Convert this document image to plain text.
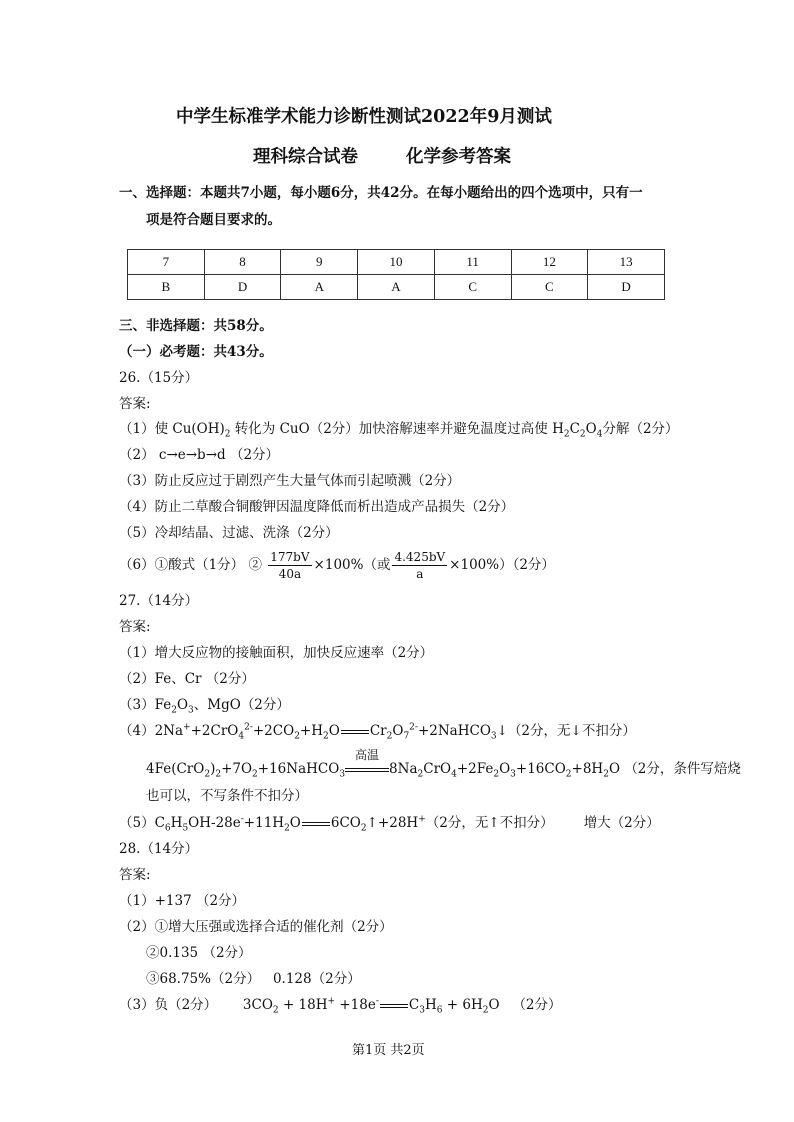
中学生标准学术能力诊断性测试2022年9月测试
理科综合试卷	化学参考答案
一、选择题：本题共7小题，每小题6分，共42分。在每小题给出的四个选项中，只有一
项是符合题目要求的。
7	8	9	10	11	12	13
B	D	A	A	C	C	D
三、非选择题：共58分。
（一）必考题：共43分。
26.（15分）
答案:
（1）使 $Cu(OH)_2$ 转化为 CuO（2分）加快溶解速率并避免温度过高使 $H_2C_2O_4$分解（2分）
（2） c→e→b→d （2分）
（3）防止反应过于剧烈产生大量气体而引起喷溅（2分）
（4）防止二草酸合铜酸钾因温度降低而析出造成产品损失（2分）
（5）冷却结晶、过滤、洗涤（2分）
（6）①酸式（1分） ② $\frac{177bV}{40a} \times 100\%$（或 $\frac{4.425bV}{a} \times 100\%)(2$分）
27.（14分）
答案:
（1）增大反应物的接触面积，加快反应速率（2分）
（2）Fe、Cr （2分）
$(3)Fe_2O_3$、MgO（2分）
$(4)2Na^++2CrO_4^{2-}+2CO_2+H_2O$ $Cr_2O_7^{2-}+2NaHCO_3↓(2$分，无↓不扣分）
$4Fe(CrO_2)_2+7O_2+16NaHCO_3$
高温
$8Na_2CrO_4+2Fe_2O_3+16CO_2+8H_2O$ （2分，条件写焙烧
也可以，不写条件不扣分）
$(5)C_6H_5OH-28e^-+11H_2O$ $6CO_2↑+28H^+(2$分，无↑不扣分） 增大（2分）
28.（14分）
答案:
（1）+137 （2分）
（2）①增大压强或选择合适的催化剂（2分）
②0.135 （2分）
③68.75%（2分） 0.128（2分）
（3）负（2分）      $3CO_2 + 18H^+ +18e^-$ $C_3H_6 + 6H_2O$   （2分）
第1页 共2页
